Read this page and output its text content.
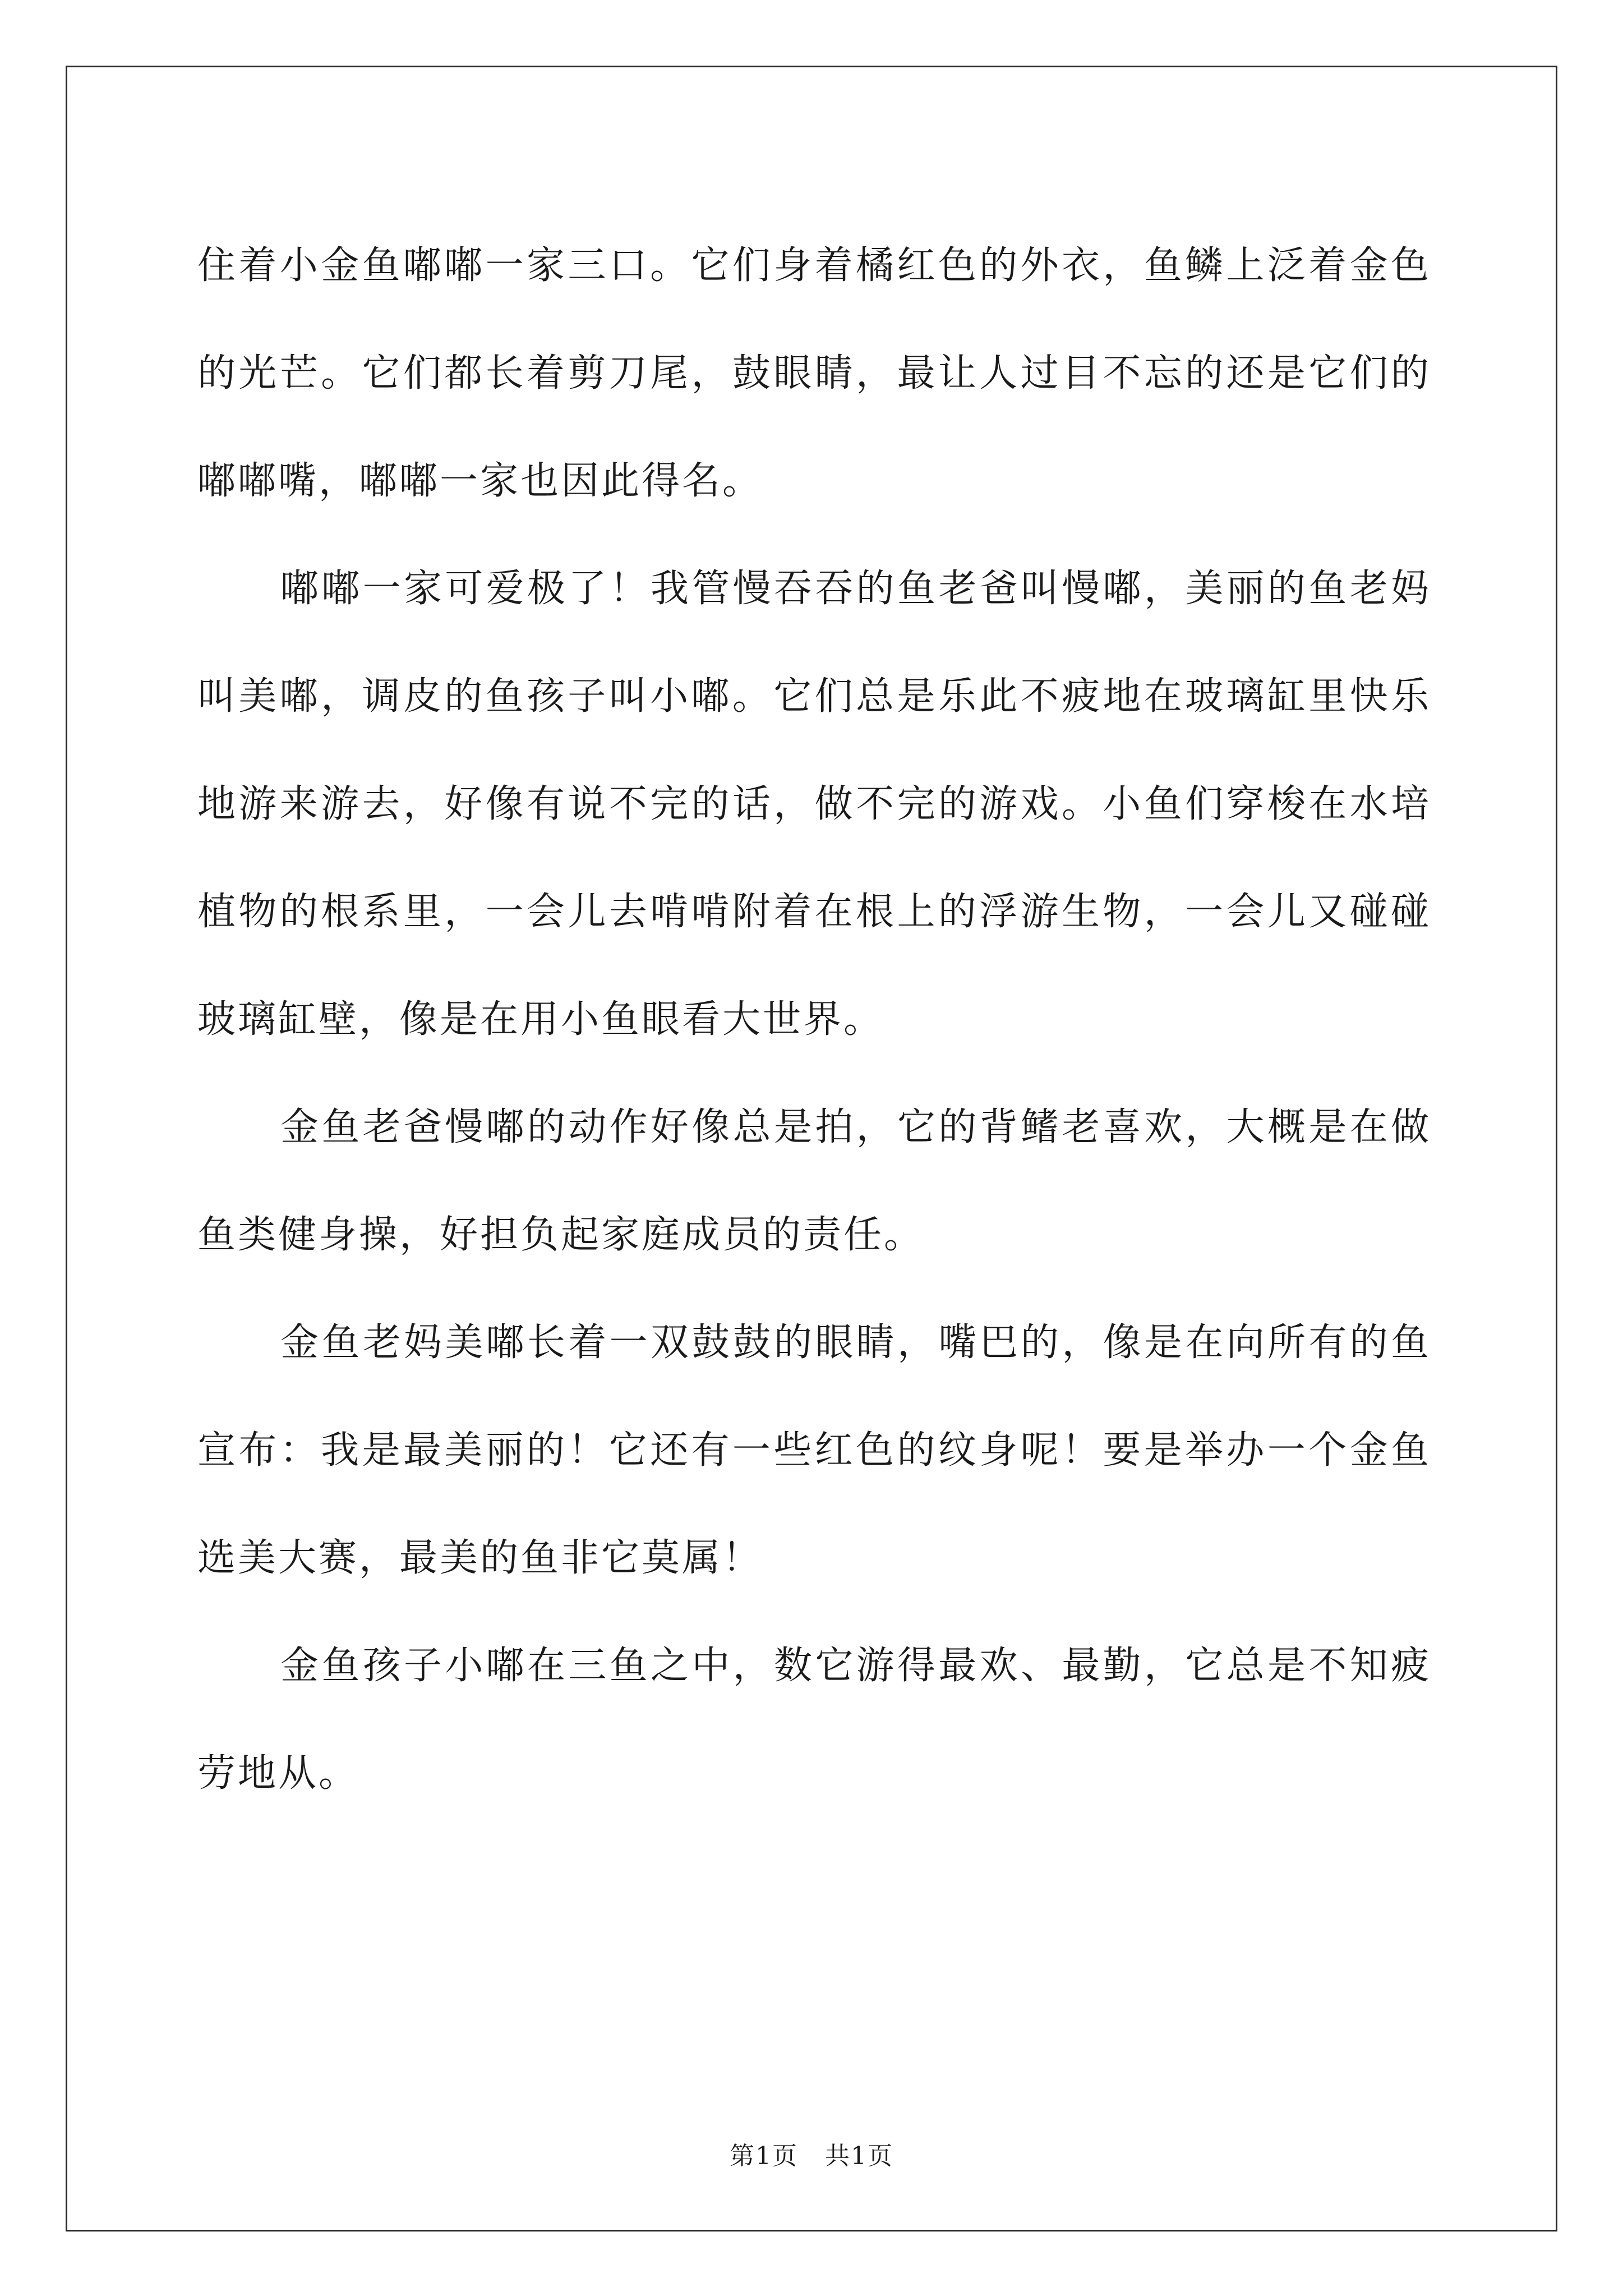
住着小金鱼嘟嘟一家三口。它们身着橘红色的外衣，鱼鳞上泛着金色的光芒。它们都长着剪刀尾，鼓眼睛，最让人过目不忘的还是它们的嘟嘟嘴，嘟嘟一家也因此得名。

嘟嘟一家可爱极了！我管慢吞吞的鱼老爸叫慢嘟，美丽的鱼老妈叫美嘟，调皮的鱼孩子叫小嘟。它们总是乐此不疲地在玻璃缸里快乐地游来游去，好像有说不完的话，做不完的游戏。小鱼们穿梭在水培植物的根系里，一会儿去啃啃附着在根上的浮游生物，一会儿又碰碰玻璃缸壁，像是在用小鱼眼看大世界。

金鱼老爸慢嘟的动作好像总是拍，它的背鳍老喜欢，大概是在做鱼类健身操，好担负起家庭成员的责任。

金鱼老妈美嘟长着一双鼓鼓的眼睛，嘴巴的，像是在向所有的鱼宣布：我是最美丽的！它还有一些红色的纹身呢！要是举办一个金鱼选美大赛，最美的鱼非它莫属！

金鱼孩子小嘟在三鱼之中，数它游得最欢、最勤，它总是不知疲劳地从。

第1页   共1页
